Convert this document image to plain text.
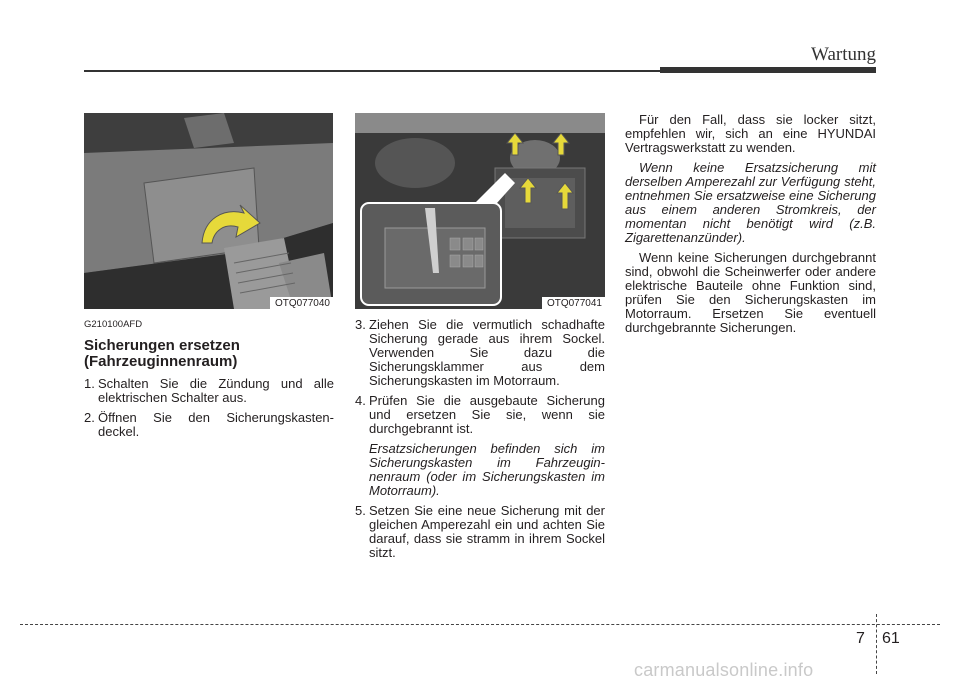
Wartung
OTQ077040	OTQ077041
G210100AFD
Sicherungen ersetzen
(Fahrzeuginnenraum)
1. Schalten Sie die Zündung und alle elektrischen Schalter aus.
2. Öffnen Sie den Sicherungskasten-deckel.
3. Ziehen Sie die vermutlich schadhafte Sicherung gerade aus ihrem Sockel. Verwenden Sie dazu die Sicherungsklammer aus dem Sicherungskasten im Motorraum.
4. Prüfen Sie die ausgebaute Sicherung und ersetzen Sie sie, wenn sie durchgebrannt ist.
Ersatzsicherungen befinden sich im Sicherungskasten im Fahrzeugin-nenraum (oder im Sicherungskasten im Motorraum).
5. Setzen Sie eine neue Sicherung mit der gleichen Amperezahl ein und achten Sie darauf, dass sie stramm in ihrem Sockel sitzt.
Für den Fall, dass sie locker sitzt, empfehlen wir, sich an eine HYUNDAI Vertragswerkstatt zu wenden.
Wenn keine Ersatzsicherung mit derselben Amperezahl zur Verfügung steht, entnehmen Sie ersatzweise eine Sicherung aus einem anderen Stromkreis, der momentan nicht benötigt wird (z.B. Zigarettenanzünder).
Wenn keine Sicherungen durchgebrannt sind, obwohl die Scheinwerfer oder andere elektrische Bauteile ohne Funktion sind, prüfen Sie den Sicherungskasten im Motorraum. Ersetzen Sie eventuell durchgebrannte Sicherungen.
7 61
carmanualsonline.info
